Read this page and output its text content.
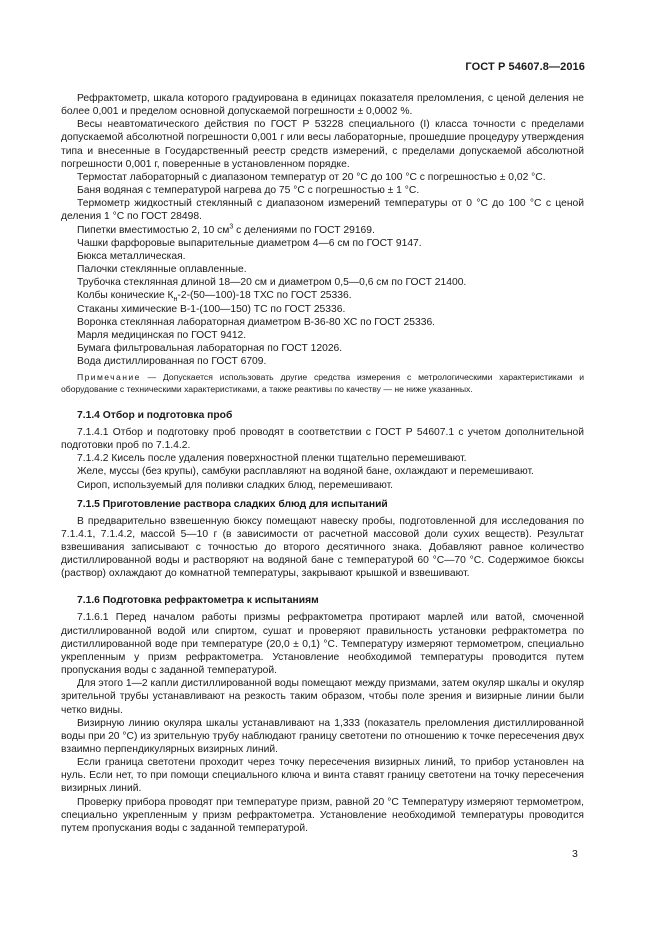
ГОСТ Р 54607.8—2016

Рефрактометр, шкала которого градуирована в единицах показателя преломления, с ценой деления не более 0,001 и пределом основной допускаемой погрешности ± 0,0002 %.

Весы неавтоматического действия по ГОСТ Р 53228 специального (I) класса точности с пределами допускаемой абсолютной погрешности 0,001 г или весы лабораторные, прошедшие процедуру утверждения типа и внесенные в Государственный реестр средств измерений, с пределами допускаемой абсолютной погрешности 0,001 г, поверенные в установленном порядке.

Термостат лабораторный с диапазоном температур от 20 °С до 100 °С с погрешностью ± 0,02 °С.

Баня водяная с температурой нагрева до 75 °С с погрешностью ± 1 °С.

Термометр жидкостный стеклянный с диапазоном измерений температуры от 0 °С до 100 °С с ценой деления 1 °С по ГОСТ 28498.

Пипетки вместимостью 2, 10 $см^3$ с делениями по ГОСТ 29169.

Чашки фарфоровые выпарительные диаметром 4—6 см по ГОСТ 9147.

Бюкса металлическая.

Палочки стеклянные оплавленные.

Трубочка стеклянная длиной 18—20 см и диаметром 0,5—0,6 см по ГОСТ 21400.

Колбы конические $К_н-2-(50—100)-18$ ТХС по ГОСТ 25336.

Стаканы химические В-1-(100—150) ТС по ГОСТ 25336.

Воронка стеклянная лабораторная диаметром В-36-80 ХС по ГОСТ 25336.

Марля медицинская по ГОСТ 9412.

Бумага фильтровальная лабораторная по ГОСТ 12026.

Вода дистиллированная по ГОСТ 6709.

Примечание — Допускается использовать другие средства измерения с метрологическими характеристиками и оборудование с техническими характеристиками, а также реактивы по качеству — не ниже указанных.

7.1.4 Отбор и подготовка проб

7.1.4.1 Отбор и подготовку проб проводят в соответствии с ГОСТ Р 54607.1 с учетом дополнительной подготовки проб по 7.1.4.2.

7.1.4.2 Кисель после удаления поверхностной пленки тщательно перемешивают.

Желе, муссы (без крупы), самбуки расплавляют на водяной бане, охлаждают и перемешивают.

Сироп, используемый для поливки сладких блюд, перемешивают.

7.1.5 Приготовление раствора сладких блюд для испытаний

В предварительно взвешенную бюксу помещают навеску пробы, подготовленной для исследования по 7.1.4.1, 7.1.4.2, массой 5—10 г (в зависимости от расчетной массовой доли сухих веществ). Результат взвешивания записывают с точностью до второго десятичного знака. Добавляют равное количество дистиллированной воды и растворяют на водяной бане с температурой 60 °С—70 °С. Содержимое бюксы (раствор) охлаждают до комнатной температуры, закрывают крышкой и взвешивают.

7.1.6 Подготовка рефрактометра к испытаниям

7.1.6.1 Перед началом работы призмы рефрактометра протирают марлей или ватой, смоченной дистиллированной водой или спиртом, сушат и проверяют правильность установки рефрактометра по дистиллированной воде при температуре (20,0 ± 0,1) °С. Температуру измеряют термометром, специально укрепленным у призм рефрактометра. Установление необходимой температуры проводится путем пропускания воды с заданной температурой.

Для этого 1—2 капли дистиллированной воды помещают между призмами, затем окуляр шкалы и окуляр зрительной трубы устанавливают на резкость таким образом, чтобы поле зрения и визирные линии были четко видны.

Визирную линию окуляра шкалы устанавливают на 1,333 (показатель преломления дистиллированной воды при 20 °С) из зрительную трубу наблюдают границу светотени по отношению к точке пересечения двух взаимно перпендикулярных визирных линий.

Если граница светотени проходит через точку пересечения визирных линий, то прибор установлен на нуль. Если нет, то при помощи специального ключа и винта ставят границу светотени на точку пересечения визирных линий.

Проверку прибора проводят при температуре призм, равной 20 °С Температуру измеряют термометром, специально укрепленным у призм рефрактометра. Установление необходимой температуры проводится путем пропускания воды с заданной температурой.

3
